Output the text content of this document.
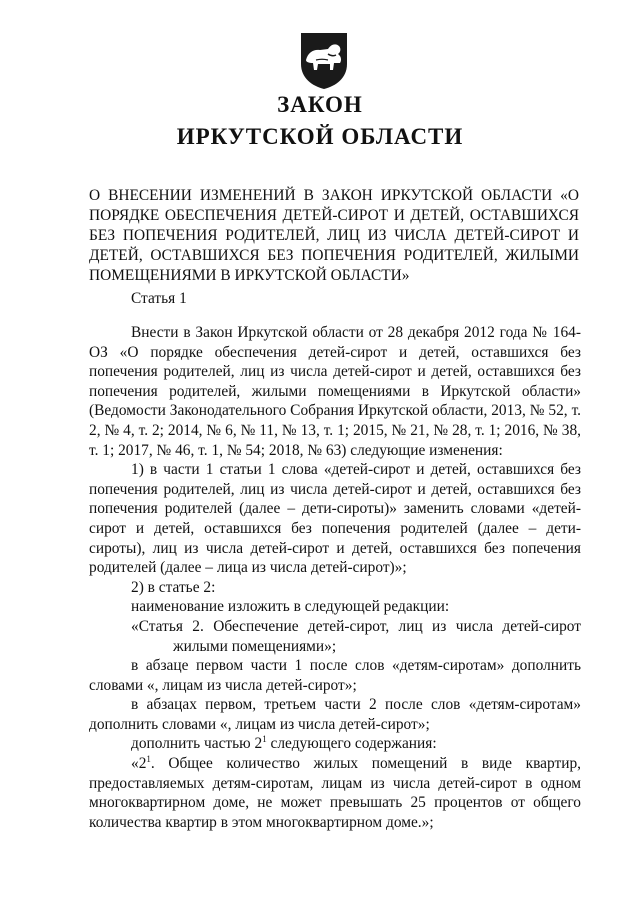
ЗАКОН
ИРКУТСКОЙ ОБЛАСТИ
О ВНЕСЕНИИ ИЗМЕНЕНИЙ В ЗАКОН ИРКУТСКОЙ ОБЛАСТИ «О ПОРЯДКЕ ОБЕСПЕЧЕНИЯ ДЕТЕЙ-СИРОТ И ДЕТЕЙ, ОСТАВШИХСЯ БЕЗ ПОПЕЧЕНИЯ РОДИТЕЛЕЙ, ЛИЦ ИЗ ЧИСЛА ДЕТЕЙ-СИРОТ И ДЕТЕЙ, ОСТАВШИХСЯ БЕЗ ПОПЕЧЕНИЯ РОДИТЕЛЕЙ, ЖИЛЫМИ ПОМЕЩЕНИЯМИ В ИРКУТСКОЙ ОБЛАСТИ»
Статья 1

Внести в Закон Иркутской области от 28 декабря 2012 года № 164-ОЗ «О порядке обеспечения детей-сирот и детей, оставшихся без попечения родителей, лиц из числа детей-сирот и детей, оставшихся без попечения родителей, жилыми помещениями в Иркутской области» (Ведомости Законодательного Собрания Иркутской области, 2013, № 52, т. 2, № 4, т. 2; 2014, № 6, № 11, № 13, т. 1; 2015, № 21, № 28, т. 1; 2016, № 38, т. 1; 2017, № 46, т. 1, № 54; 2018, № 63) следующие изменения:

1) в части 1 статьи 1 слова «детей-сирот и детей, оставшихся без попечения родителей, лиц из числа детей-сирот и детей, оставшихся без попечения родителей (далее – дети-сироты)» заменить словами «детей-сирот и детей, оставшихся без попечения родителей (далее – дети-сироты), лиц из числа детей-сирот и детей, оставшихся без попечения родителей (далее – лица из числа детей-сирот)»;

2) в статье 2:

наименование изложить в следующей редакции:

«Статья 2. Обеспечение детей-сирот, лиц из числа детей-сирот жилыми помещениями»;

в абзаце первом части 1 после слов «детям-сиротам» дополнить словами «, лицам из числа детей-сирот»;

в абзацах первом, третьем части 2 после слов «детям-сиротам» дополнить словами «, лицам из числа детей-сирот»;

дополнить частью $2^1$ следующего содержания:

«$2^1$. Общее количество жилых помещений в виде квартир, предоставляемых детям-сиротам, лицам из числа детей-сирот в одном многоквартирном доме, не может превышать 25 процентов от общего количества квартир в этом многоквартирном доме.»;
